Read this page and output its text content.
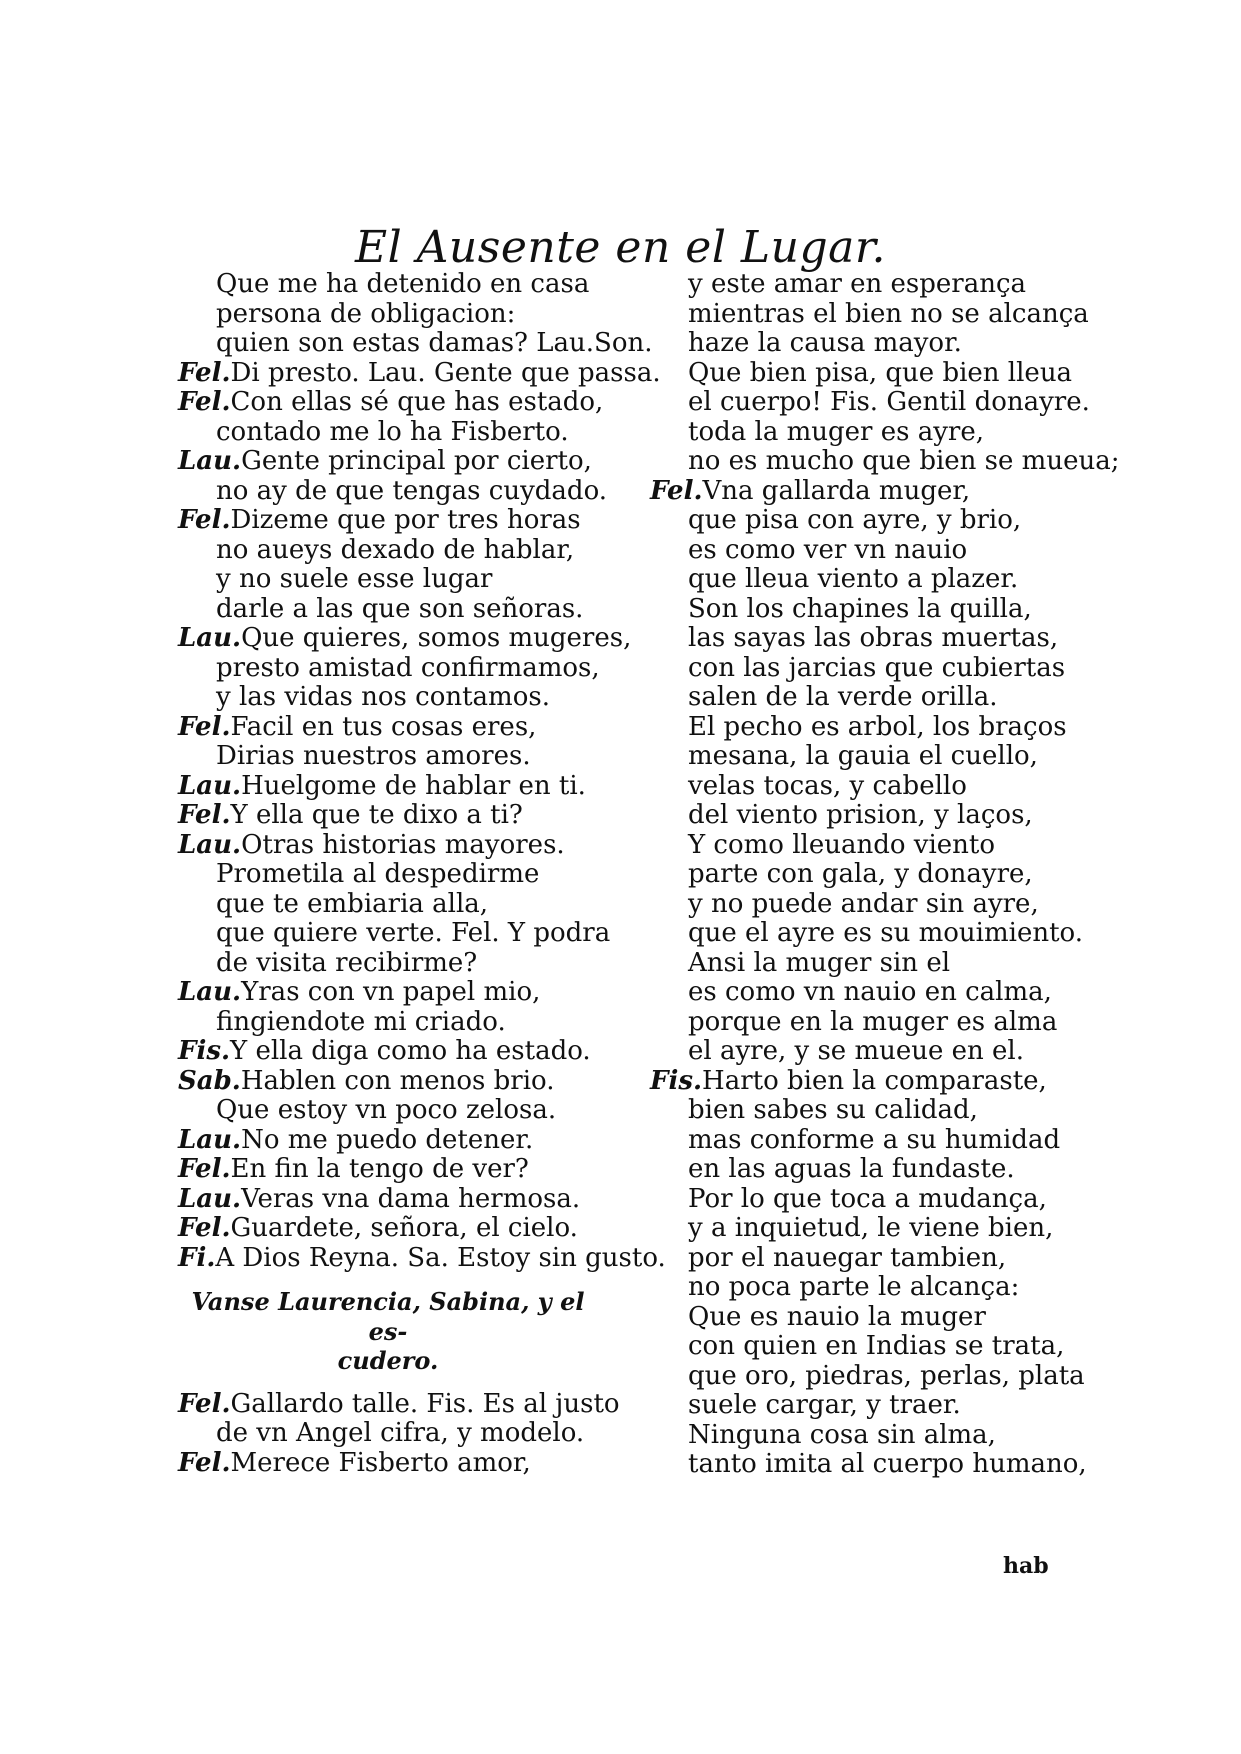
El Ausente en el Lugar.
Que me ha detenido en casa
persona de obligacion:
quien son estas damas? Lau.Son.
Fel.Di presto. Lau. Gente que passa.
Fel.Con ellas sé que has estado,
contado me lo ha Fisberto.
Lau.Gente principal por cierto,
no ay de que tengas cuydado.
Fel.Dizeme que por tres horas
no aueys dexado de hablar,
y no suele esse lugar
darle a las que son señoras.
Lau.Que quieres, somos mugeres,
presto amistad confirmamos,
y las vidas nos contamos.
Fel.Facil en tus cosas eres,
Dirias nuestros amores.
Lau.Huelgome de hablar en ti.
Fel.Y ella que te dixo a ti?
Lau.Otras historias mayores.
Prometila al despedirme
que te embiaria alla,
que quiere verte. Fel. Y podra
de visita recibirme?
Lau.Yras con vn papel mio,
fingiendote mi criado.
Fis.Y ella diga como ha estado.
Sab.Hablen con menos brio.
Que estoy vn poco zelosa.
Lau.No me puedo detener.
Fel.En fin la tengo de ver?
Lau.Veras vna dama hermosa.
Fel.Guardete, señora, el cielo.
Fi.A Dios Reyna. Sa. Estoy sin gusto.
Vanse Laurencia, Sabina, y el es-
cudero.
Fel.Gallardo talle. Fis. Es al justo
de vn Angel cifra, y modelo.
Fel.Merece Fisberto amor,
y este amar en esperança
mientras el bien no se alcança
haze la causa mayor.
Que bien pisa, que bien lleua
el cuerpo! Fis. Gentil donayre.
toda la muger es ayre,
no es mucho que bien se mueua;
Fel.Vna gallarda muger,
que pisa con ayre, y brio,
es como ver vn nauio
que lleua viento a plazer.
Son los chapines la quilla,
las sayas las obras muertas,
con las jarcias que cubiertas
salen de la verde orilla.
El pecho es arbol, los braços
mesana, la gauia el cuello,
velas tocas, y cabello
del viento prision, y laços,
Y como lleuando viento
parte con gala, y donayre,
y no puede andar sin ayre,
que el ayre es su mouimiento.
Ansi la muger sin el
es como vn nauio en calma,
porque en la muger es alma
el ayre, y se mueue en el.
Fis.Harto bien la comparaste,
bien sabes su calidad,
mas conforme a su humidad
en las aguas la fundaste.
Por lo que toca a mudança,
y a inquietud, le viene bien,
por el nauegar tambien,
no poca parte le alcança:
Que es nauio la muger
con quien en Indias se trata,
que oro, piedras, perlas, plata
suele cargar, y traer.
Ninguna cosa sin alma,
tanto imita al cuerpo humano,
hab
